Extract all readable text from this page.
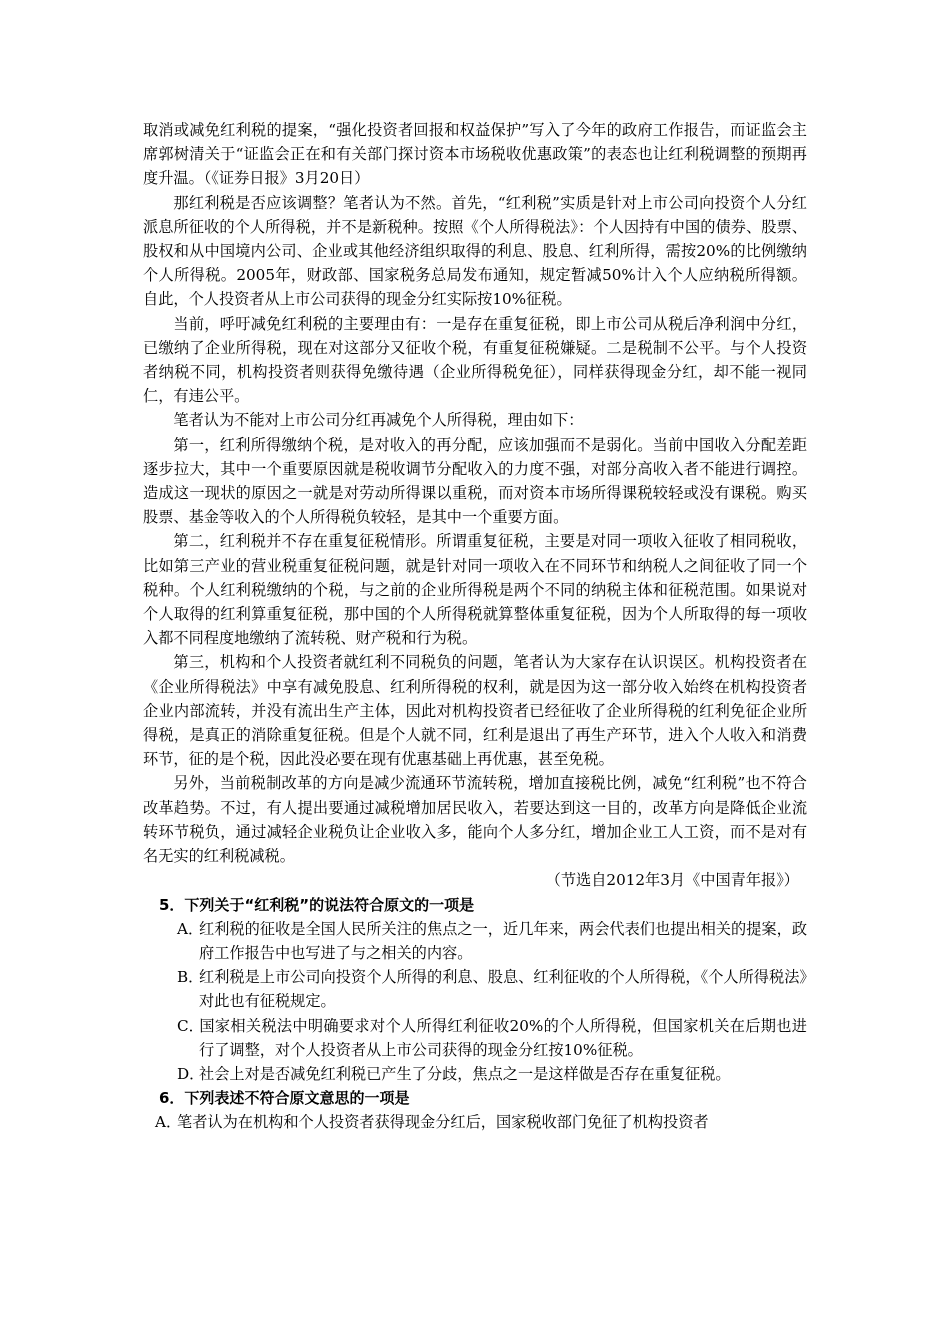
取消或减免红利税的提案，“强化投资者回报和权益保护”写入了今年的政府工作报告，而证监会主席郭树清关于“证监会正在和有关部门探讨资本市场税收优惠政策”的表态也让红利税调整的预期再度升温。（《证券日报》3月20日）

那红利税是否应该调整？笔者认为不然。首先，“红利税”实质是针对上市公司向投资个人分红派息所征收的个人所得税，并不是新税种。按照《个人所得税法》：个人因持有中国的债券、股票、股权和从中国境内公司、企业或其他经济组织取得的利息、股息、红利所得，需按20%的比例缴纳个人所得税。2005年，财政部、国家税务总局发布通知，规定暂减50%计入个人应纳税所得额。自此，个人投资者从上市公司获得的现金分红实际按10%征税。

当前，呼吁减免红利税的主要理由有：一是存在重复征税，即上市公司从税后净利润中分红，已缴纳了企业所得税，现在对这部分又征收个税，有重复征税嫌疑。二是税制不公平。与个人投资者纳税不同，机构投资者则获得免缴待遇（企业所得税免征），同样获得现金分红，却不能一视同仁，有违公平。

笔者认为不能对上市公司分红再减免个人所得税，理由如下：

第一，红利所得缴纳个税，是对收入的再分配，应该加强而不是弱化。当前中国收入分配差距逐步拉大，其中一个重要原因就是税收调节分配收入的力度不强，对部分高收入者不能进行调控。造成这一现状的原因之一就是对劳动所得课以重税，而对资本市场所得课税较轻或没有课税。购买股票、基金等收入的个人所得税负较轻，是其中一个重要方面。

第二，红利税并不存在重复征税情形。所谓重复征税，主要是对同一项收入征收了相同税收，比如第三产业的营业税重复征税问题，就是针对同一项收入在不同环节和纳税人之间征收了同一个税种。个人红利税缴纳的个税，与之前的企业所得税是两个不同的纳税主体和征税范围。如果说对个人取得的红利算重复征税，那中国的个人所得税就算整体重复征税，因为个人所取得的每一项收入都不同程度地缴纳了流转税、财产税和行为税。

第三，机构和个人投资者就红利不同税负的问题，笔者认为大家存在认识误区。机构投资者在《企业所得税法》中享有减免股息、红利所得税的权利，就是因为这一部分收入始终在机构投资者企业内部流转，并没有流出生产主体，因此对机构投资者已经征收了企业所得税的红利免征企业所得税，是真正的消除重复征税。但是个人就不同，红利是退出了再生产环节，进入个人收入和消费环节，征的是个税，因此没必要在现有优惠基础上再优惠，甚至免税。

另外，当前税制改革的方向是减少流通环节流转税，增加直接税比例，减免“红利税”也不符合改革趋势。不过，有人提出要通过减税增加居民收入，若要达到这一目的，改革方向是降低企业流转环节税负，通过减轻企业税负让企业收入多，能向个人多分红，增加企业工人工资，而不是对有名无实的红利税减税。

（节选自2012年3月《中国青年报》）

5．下列关于“红利税”的说法符合原文的一项是

A．红利税的征收是全国人民所关注的焦点之一，近几年来，两会代表们也提出相关的提案，政府工作报告中也写进了与之相关的内容。

B．红利税是上市公司向投资个人所得的利息、股息、红利征收的个人所得税，《个人所得税法》对此也有征税规定。

C．国家相关税法中明确要求对个人所得红利征收20%的个人所得税，但国家机关在后期也进行了调整，对个人投资者从上市公司获得的现金分红按10%征税。

D．社会上对是否减免红利税已产生了分歧，焦点之一是这样做是否存在重复征税。

6．下列表述不符合原文意思的一项是

A．笔者认为在机构和个人投资者获得现金分红后，国家税收部门免征了机构投资者
